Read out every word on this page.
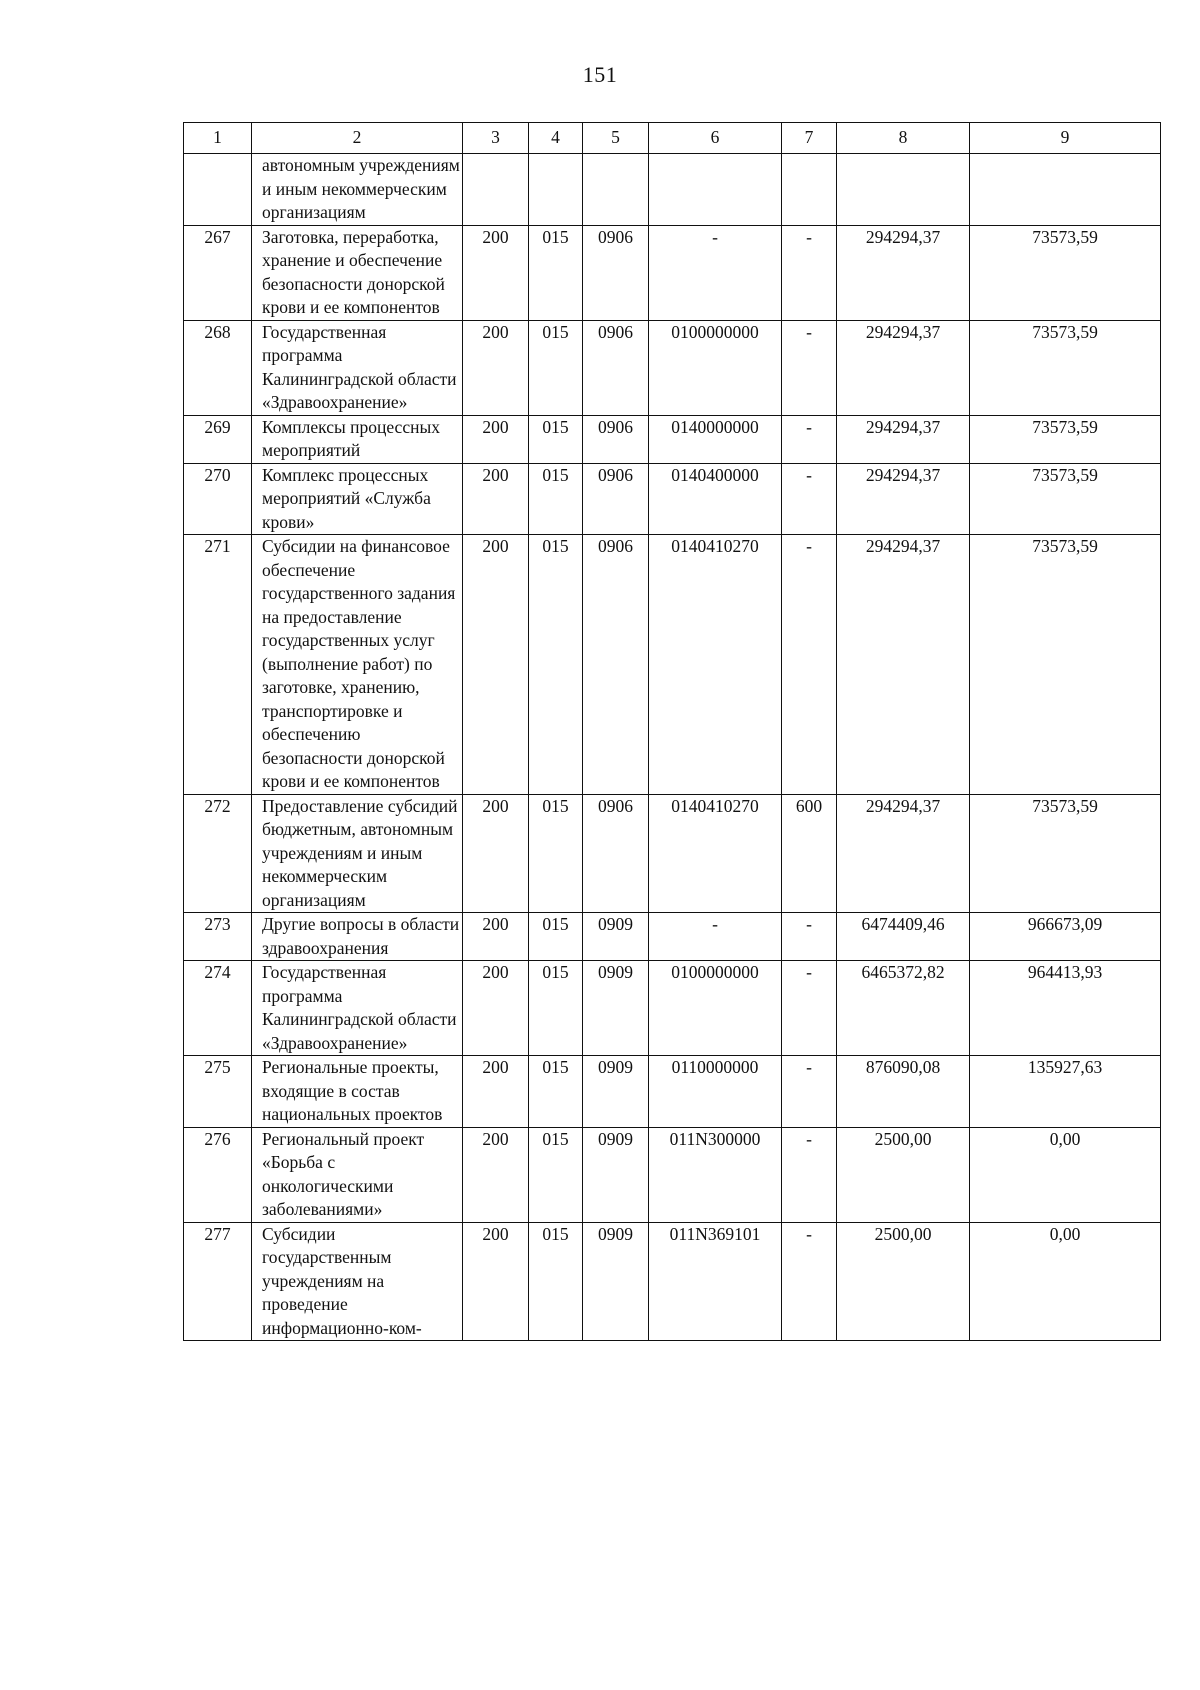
151
1	2	3	4	5	6	7	8	9
	автономным учреждениям и иным некоммерческим организациям							
267	Заготовка, переработка, хранение и обеспечение безопасности донорской крови и ее компонентов	200	015	0906	-	-	294294,37	73573,59
268	Государственная программа Калининградской области «Здравоохранение»	200	015	0906	0100000000	-	294294,37	73573,59
269	Комплексы процессных мероприятий	200	015	0906	0140000000	-	294294,37	73573,59
270	Комплекс процессных мероприятий «Служба крови»	200	015	0906	0140400000	-	294294,37	73573,59
271	Субсидии на финансовое обеспечение государственного задания на предоставление государственных услуг (выполнение работ) по заготовке, хранению, транспортировке и обеспечению безопасности донорской крови и ее компонентов	200	015	0906	0140410270	-	294294,37	73573,59
272	Предоставление субсидий бюджетным, автономным учреждениям и иным некоммерческим организациям	200	015	0906	0140410270	600	294294,37	73573,59
273	Другие вопросы в области здравоохранения	200	015	0909	-	-	6474409,46	966673,09
274	Государственная программа Калининградской области «Здравоохранение»	200	015	0909	0100000000	-	6465372,82	964413,93
275	Региональные проекты, входящие в состав национальных проектов	200	015	0909	0110000000	-	876090,08	135927,63
276	Региональный проект «Борьба с онкологическими заболеваниями»	200	015	0909	011N300000	-	2500,00	0,00
277	Субсидии государственным учреждениям на проведение информационно-ком-	200	015	0909	011N369101	-	2500,00	0,00
